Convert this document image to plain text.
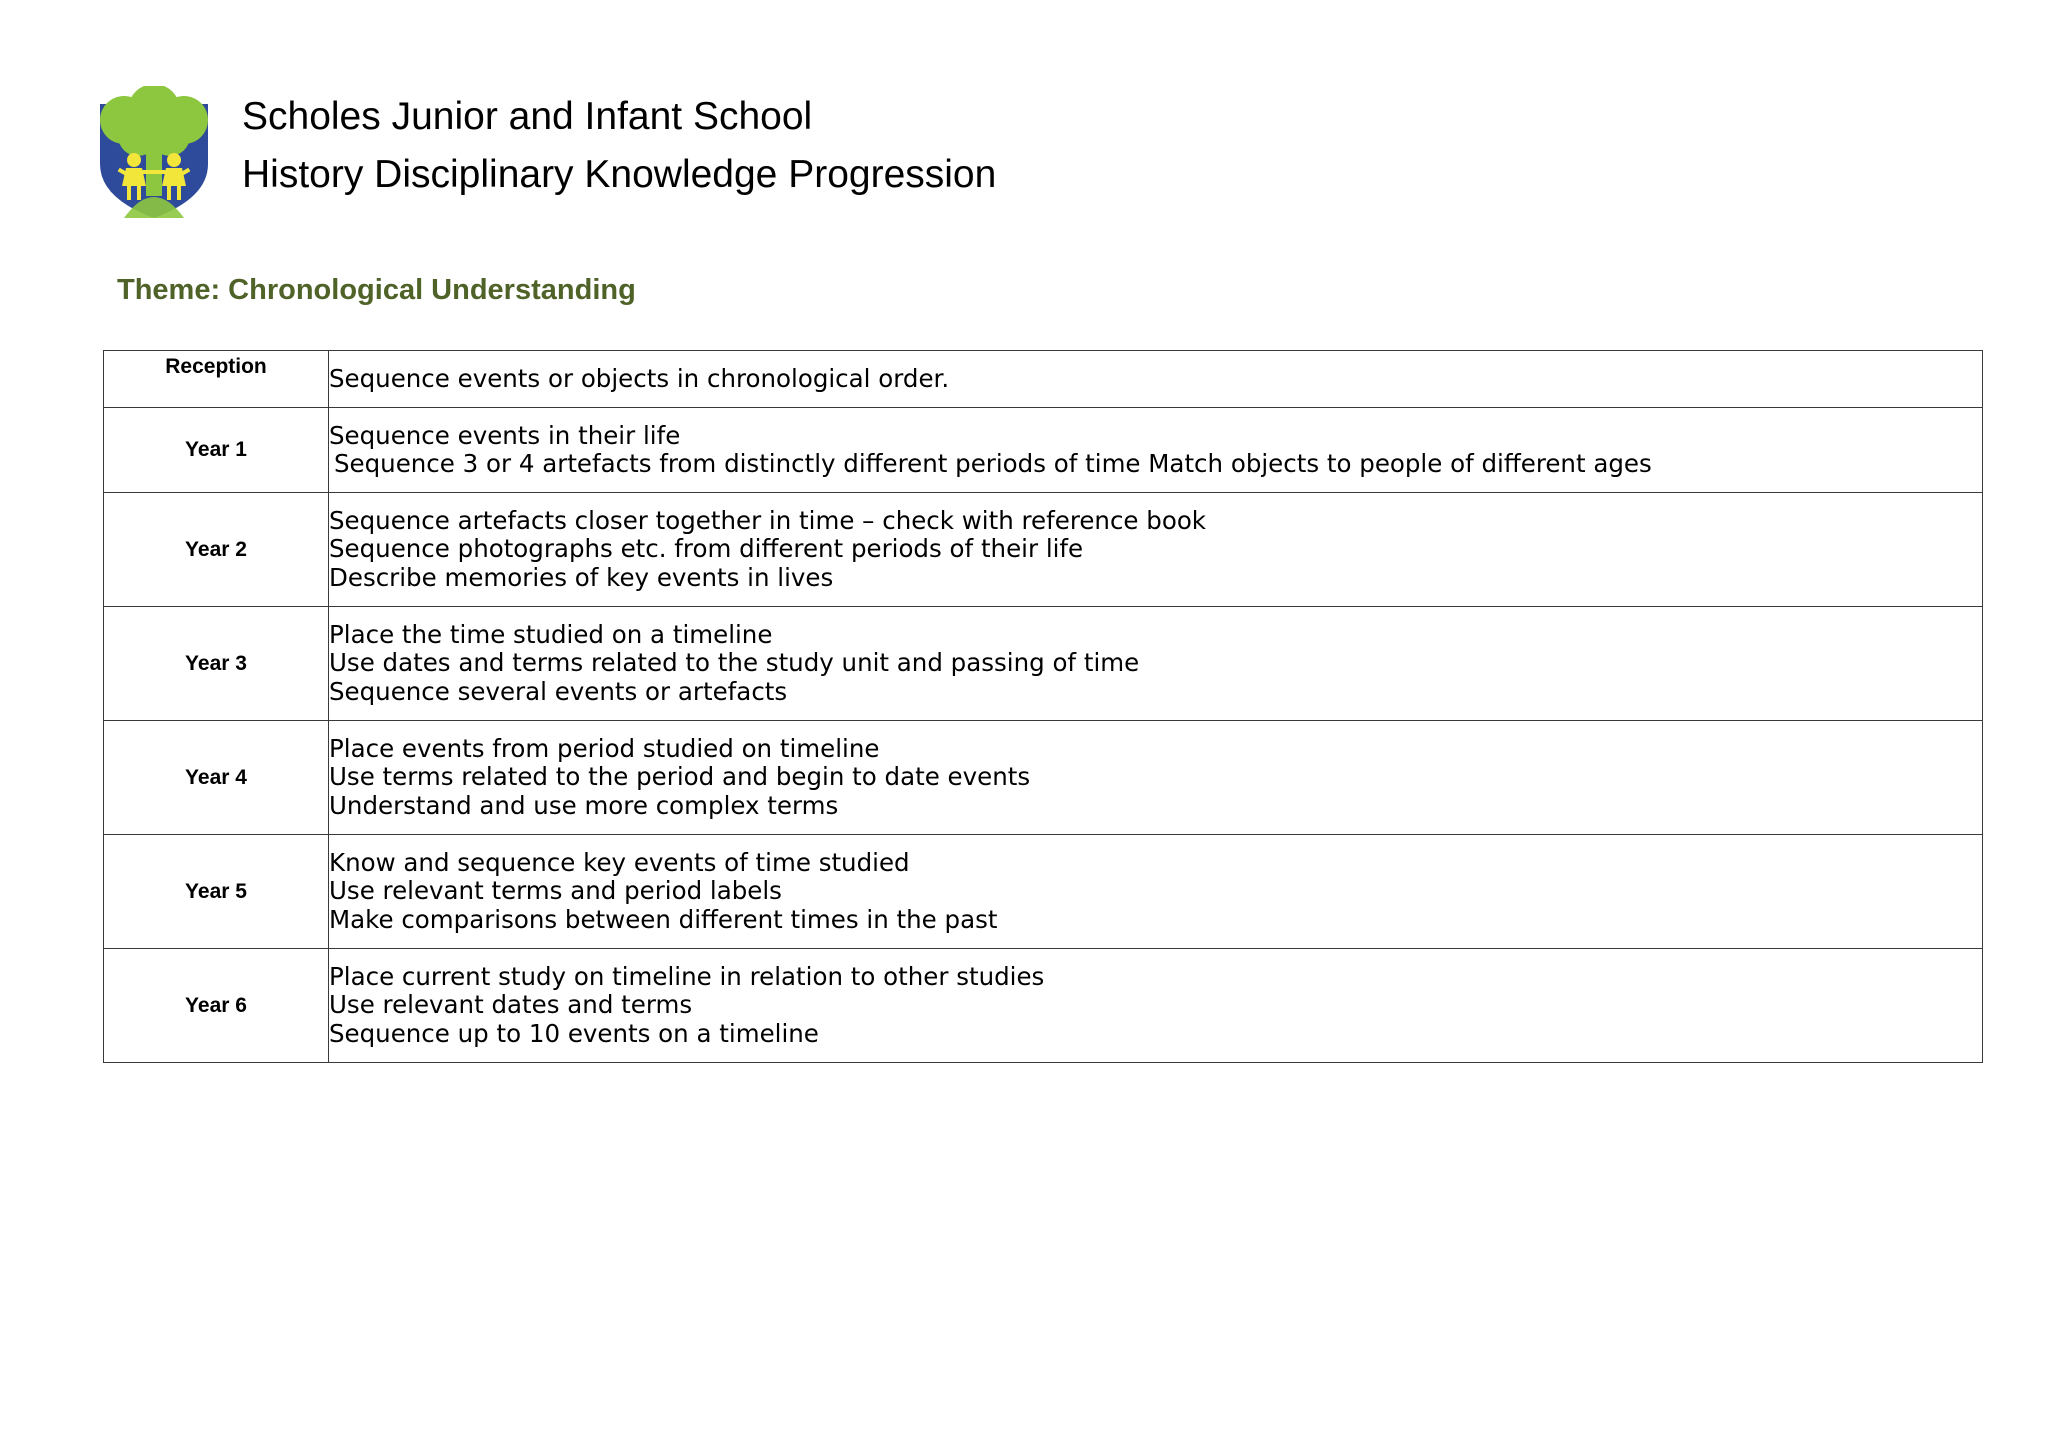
Scholes Junior and Infant School
History Disciplinary Knowledge Progression
Theme: Chronological Understanding
Reception	Sequence events or objects in chronological order.

Year 1	Sequence events in their life
Sequence 3 or 4 artefacts from distinctly different periods of time Match objects to people of different ages

Year 2	Sequence artefacts closer together in time – check with reference book
Sequence photographs etc. from different periods of their life
Describe memories of key events in lives

Year 3	Place the time studied on a timeline
Use dates and terms related to the study unit and passing of time
Sequence several events or artefacts

Year 4	Place events from period studied on timeline
Use terms related to the period and begin to date events
Understand and use more complex terms

Year 5	Know and sequence key events of time studied
Use relevant terms and period labels
Make comparisons between different times in the past

Year 6	Place current study on timeline in relation to other studies
Use relevant dates and terms
Sequence up to 10 events on a timeline
